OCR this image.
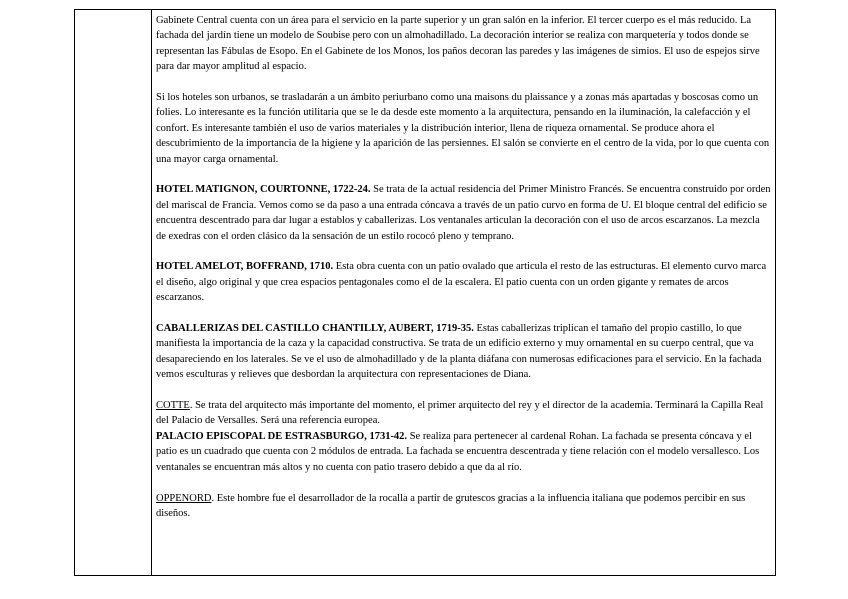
Gabinete Central cuenta con un área para el servicio en la parte superior y un gran salón en la inferior. El tercer cuerpo es el más reducido. La fachada del jardín tiene un modelo de Soubise pero con un almohadillado. La decoración interior se realiza con marquetería y todos donde se representan las Fábulas de Esopo. En el Gabinete de los Monos, los paños decoran las paredes y las imágenes de simios. El uso de espejos sirve para dar mayor amplitud al espacio.

Si los hoteles son urbanos, se trasladarán a un ámbito periurbano como una maisons du plaissance y a zonas más apartadas y boscosas como un folies. Lo interesante es la función utilitaria que se le da desde este momento a la arquitectura, pensando en la iluminación, la calefacción y el confort. Es interesante también el uso de varios materiales y la distribución interior, llena de riqueza ornamental. Se produce ahora el descubrimiento de la importancia de la higiene y la aparición de las persiennes. El salón se convierte en el centro de la vida, por lo que cuenta con una mayor carga ornamental.

HOTEL MATIGNON, COURTONNE, 1722-24. Se trata de la actual residencia del Primer Ministro Francés. Se encuentra construido por orden del mariscal de Francia. Vemos como se da paso a una entrada cóncava a través de un patio curvo en forma de U. El bloque central del edificio se encuentra descentrado para dar lugar a establos y caballerizas. Los ventanales articulan la decoración con el uso de arcos escarzanos. La mezcla de exedras con el orden clásico da la sensación de un estilo rococó pleno y temprano.

HOTEL AMELOT, BOFFRAND, 1710. Esta obra cuenta con un patio ovalado que articula el resto de las estructuras. El elemento curvo marca el diseño, algo original y que crea espacios pentagonales como el de la escalera. El patio cuenta con un orden gigante y remates de arcos escarzanos.

CABALLERIZAS DEL CASTILLO CHANTILLY, AUBERT, 1719-35. Estas caballerizas triplican el tamaño del propio castillo, lo que manifiesta la importancia de la caza y la capacidad constructiva. Se trata de un edificio externo y muy ornamental en su cuerpo central, que va desapareciendo en los laterales. Se ve el uso de almohadillado y de la planta diáfana con numerosas edificaciones para el servicio. En la fachada vemos esculturas y relieves que desbordan la arquitectura con representaciones de Diana.

COTTE. Se trata del arquitecto más importante del momento, el primer arquitecto del rey y el director de la academia. Terminará la Capilla Real del Palacio de Versalles. Será una referencia europea.

PALACIO EPISCOPAL DE ESTRASBURGO, 1731-42. Se realiza para pertenecer al cardenal Rohan. La fachada se presenta cóncava y el patio es un cuadrado que cuenta con 2 módulos de entrada. La fachada se encuentra descentrada y tiene relación con el modelo versallesco. Los ventanales se encuentran más altos y no cuenta con patio trasero debido a que da al río.

OPPENORD. Este hombre fue el desarrollador de la rocalla a partir de grutescos gracias a la influencia italiana que podemos percibir en sus diseños.
